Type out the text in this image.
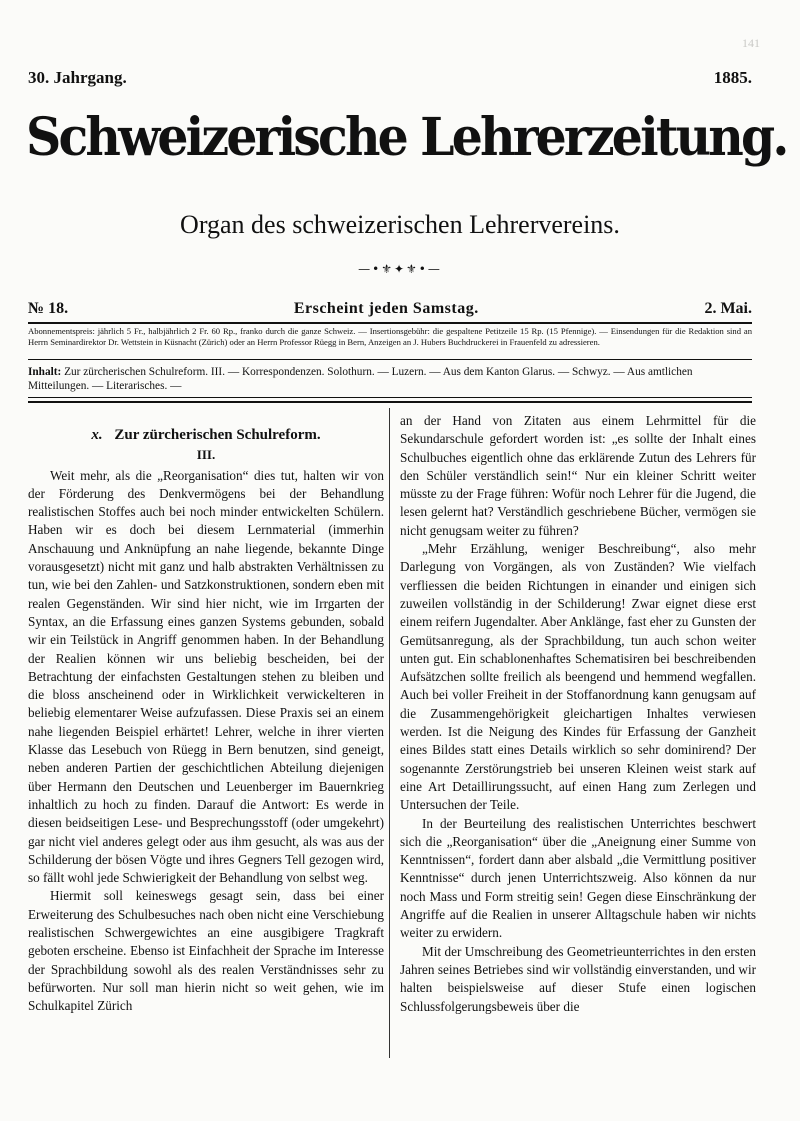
141
30. Jahrgang.	1885.
Schweizerische Lehrerzeitung.
Organ des schweizerischen Lehrervereins.
—•⚜✦⚜•—
№ 18.	Erscheint jeden Samstag.	2. Mai.
Abonnementspreis: jährlich 5 Fr., halbjährlich 2 Fr. 60 Rp., franko durch die ganze Schweiz. — Insertionsgebühr: die gespaltene Petitzeile 15 Rp. (15 Pfennige). — Einsendungen für die Redaktion sind an Herrn Seminardirektor Dr. Wettstein in Küsnacht (Zürich) oder an Herrn Professor Rüegg in Bern, Anzeigen an J. Hubers Buchdruckerei in Frauenfeld zu adressieren.
Inhalt: Zur zürcherischen Schulreform. III. — Korrespondenzen. Solothurn. — Luzern. — Aus dem Kanton Glarus. — Schwyz. — Aus amtlichen Mitteilungen. — Literarisches. —
x. Zur zürcherischen Schulreform.
III.

Weit mehr, als die „Reorganisation“ dies tut, halten wir von der Förderung des Denkvermögens bei der Behandlung realistischen Stoffes auch bei noch minder entwickelten Schülern. Haben wir es doch bei diesem Lernmaterial (immerhin Anschauung und Anknüpfung an nahe liegende, bekannte Dinge vorausgesetzt) nicht mit ganz und halb abstrakten Verhältnissen zu tun, wie bei den Zahlen- und Satzkonstruktionen, sondern eben mit realen Gegenständen. Wir sind hier nicht, wie im Irrgarten der Syntax, an die Erfassung eines ganzen Systems gebunden, sobald wir ein Teilstück in Angriff genommen haben. In der Behandlung der Realien können wir uns beliebig bescheiden, bei der Betrachtung der einfachsten Gestaltungen stehen zu bleiben und die bloss anscheinend oder in Wirklichkeit verwickelteren in beliebig elementarer Weise aufzufassen. Diese Praxis sei an einem nahe liegenden Beispiel erhärtet! Lehrer, welche in ihrer vierten Klasse das Lesebuch von Rüegg in Bern benutzen, sind geneigt, neben anderen Partien der geschichtlichen Abteilung diejenigen über Hermann den Deutschen und Leuenberger im Bauernkrieg inhaltlich zu hoch zu finden. Darauf die Antwort: Es werde in diesen beidseitigen Lese- und Besprechungsstoff (oder umgekehrt) gar nicht viel anderes gelegt oder aus ihm gesucht, als was aus der Schilderung der bösen Vögte und ihres Gegners Tell gezogen wird, so fällt wohl jede Schwierigkeit der Behandlung von selbst weg.

Hiermit soll keineswegs gesagt sein, dass bei einer Erweiterung des Schulbesuches nach oben nicht eine Verschiebung realistischen Schwergewichtes an eine ausgibigere Tragkraft geboten erscheine. Ebenso ist Einfachheit der Sprache im Interesse der Sprachbildung sowohl als des realen Verständnisses sehr zu befürworten. Nur soll man hierin nicht so weit gehen, wie im Schulkapitel Zürich

an der Hand von Zitaten aus einem Lehrmittel für die Sekundarschule gefordert worden ist: „es sollte der Inhalt eines Schulbuches eigentlich ohne das erklärende Zutun des Lehrers für den Schüler verständlich sein!“ Nur ein kleiner Schritt weiter müsste zu der Frage führen: Wofür noch Lehrer für die Jugend, die lesen gelernt hat? Verständlich geschriebene Bücher, vermögen sie nicht genugsam weiter zu führen?

„Mehr Erzählung, weniger Beschreibung“, also mehr Darlegung von Vorgängen, als von Zuständen? Wie vielfach verfliessen die beiden Richtungen in einander und einigen sich zuweilen vollständig in der Schilderung! Zwar eignet diese erst einem reifern Jugendalter. Aber Anklänge, fast eher zu Gunsten der Gemütsanregung, als der Sprachbildung, tun auch schon weiter unten gut. Ein schablonenhaftes Schematisiren bei beschreibenden Aufsätzchen sollte freilich als beengend und hemmend wegfallen. Auch bei voller Freiheit in der Stoffanordnung kann genugsam auf die Zusammengehörigkeit gleichartigen Inhaltes verwiesen werden. Ist die Neigung des Kindes für Erfassung der Ganzheit eines Bildes statt eines Details wirklich so sehr dominirend? Der sogenannte Zerstörungstrieb bei unseren Kleinen weist stark auf eine Art Detaillirungssucht, auf einen Hang zum Zerlegen und Untersuchen der Teile.

In der Beurteilung des realistischen Unterrichtes beschwert sich die „Reorganisation“ über die „Aneignung einer Summe von Kenntnissen“, fordert dann aber alsbald „die Vermittlung positiver Kenntnisse“ durch jenen Unterrichtszweig. Also können da nur noch Mass und Form streitig sein! Gegen diese Einschränkung der Angriffe auf die Realien in unserer Alltagschule haben wir nichts weiter zu erwidern.

Mit der Umschreibung des Geometrieunterrichtes in den ersten Jahren seines Betriebes sind wir vollständig einverstanden, und wir halten beispielsweise auf dieser Stufe einen logischen Schlussfolgerungsbeweis über die
